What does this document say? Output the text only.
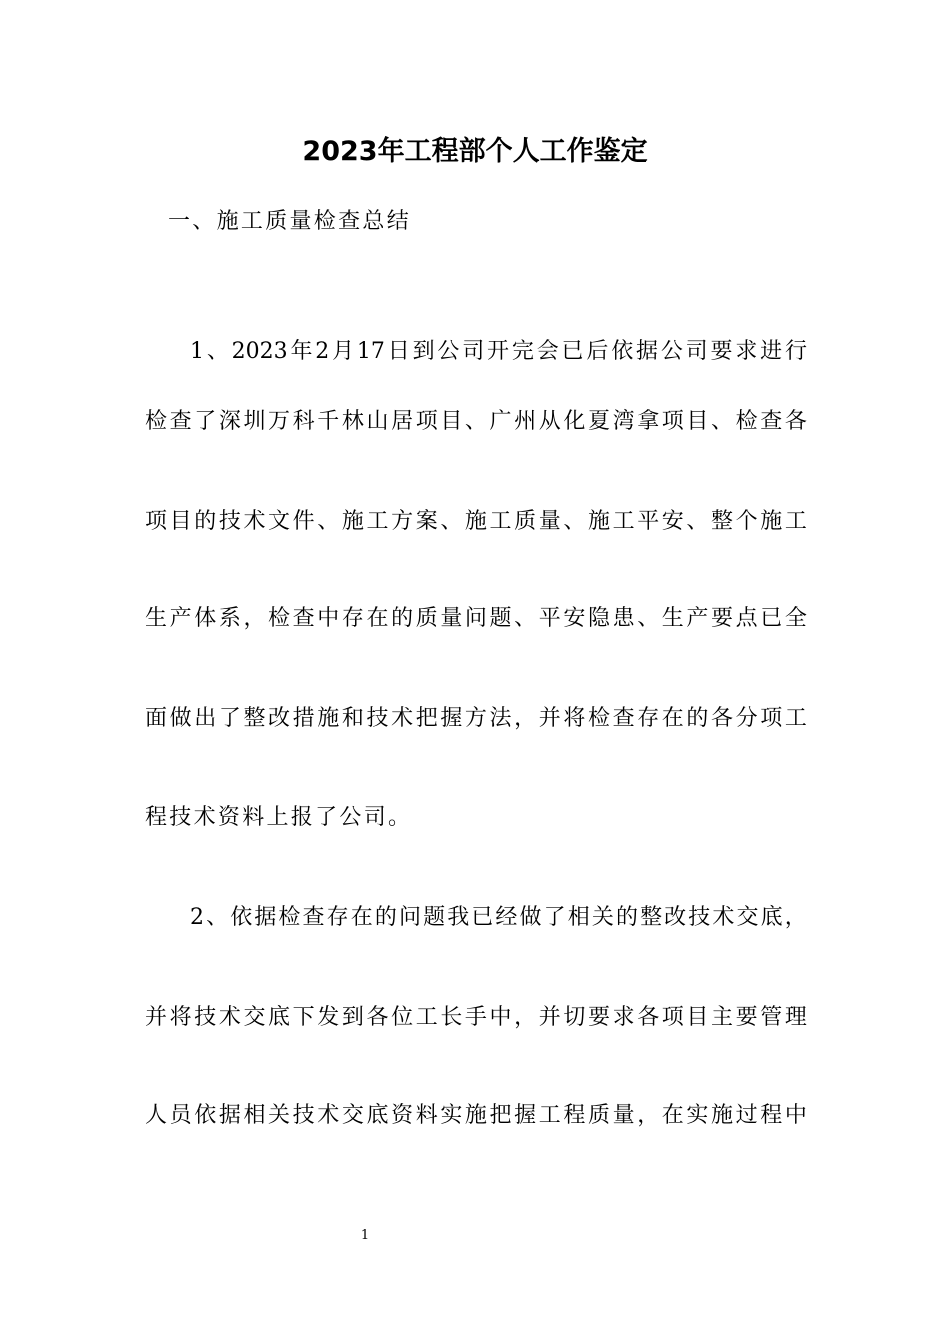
2023年工程部个人工作鉴定
一、施工质量检查总结
1 、 2023 年 2 月 17 日 到 公 司 开 完 会 已 后 依 据 公 司 要 求 进 行
检 查 了 深 圳 万 科 千 林 山 居 项 目 、 广 州 从 化 夏 湾 拿 项 目 、 检 查 各
项 目 的 技 术 文 件 、 施 工 方 案 、 施 工 质 量 、 施 工 平 安 、 整 个 施 工
生 产 体 系 ， 检 查 中 存 在 的 质 量 问 题 、 平 安 隐 患 、 生 产 要 点 已 全
面 做 出 了 整 改 措 施 和 技 术 把 握 方 法 ， 并 将 检 查 存 在 的 各 分 项 工
程技术资料上报了公司。
2 、 依 据 检 查 存 在 的 问 题 我 已 经 做 了 相 关 的 整 改 技 术 交 底 ，
并 将 技 术 交 底 下 发 到 各 位 工 长 手 中 ， 并 切 要 求 各 项 目 主 要 管 理
人 员 依 据 相 关 技 术 交 底 资 料 实 施 把 握 工 程 质 量 ， 在 实 施 过 程 中
1
